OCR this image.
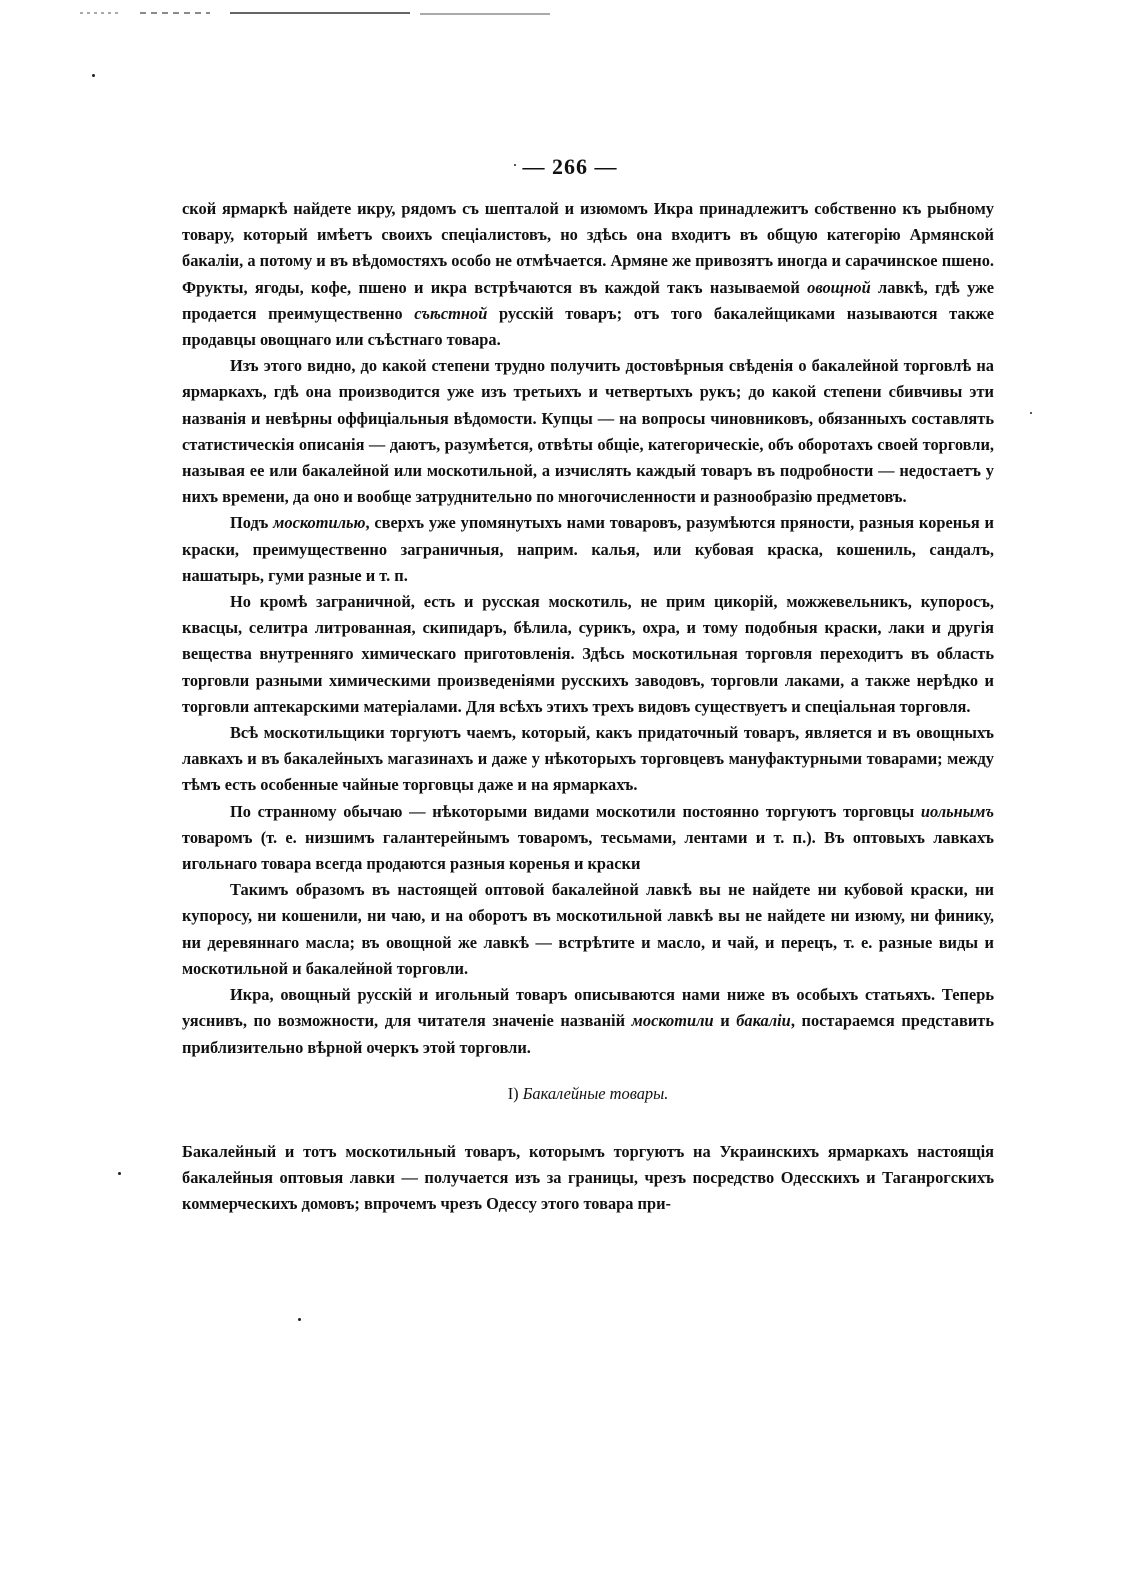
— 266 —

ской ярмаркѣ найдете икру, рядомъ съ шепталой и изюмомъ Икра принадлежитъ собственно къ рыбному товару, который имѣетъ своихъ спеціалистовъ, но здѣсь она входитъ въ общую категорію Армянской бакаліи, а потому и въ вѣдомостяхъ особо не отмѣчается. Армяне же привозятъ иногда и сарачинское пшено. Фрукты, ягоды, кофе, пшено и икра встрѣчаются въ каждой такъ называемой овощной лавкѣ, гдѣ уже продается преимущественно съѣстной русскій товаръ; отъ того бакалейщиками называются также продавцы овощнаго или съѣстнаго товара.

Изъ этого видно, до какой степени трудно получить достовѣрныя свѣденія о бакалейной торговлѣ на ярмаркахъ, гдѣ она производится уже изъ третьихъ и четвертыхъ рукъ; до какой степени сбивчивы эти названія и невѣрны оффиціальныя вѣдомости. Купцы — на вопросы чиновниковъ, обязанныхъ составлять статистическія описанія — даютъ, разумѣется, отвѣты общіе, категорическіе, объ оборотахъ своей торговли, называя ее или бакалейной или москотильной, а изчислять каждый товаръ въ подробности — недостаетъ у нихъ времени, да оно и вообще затруднительно по многочисленности и разнообразію предметовъ.

Подъ москотилью, сверхъ уже упомянутыхъ нами товаровъ, разумѣются пряности, разныя коренья и краски, преимущественно заграничныя, наприм. калья, или кубовая краска, кошениль, сандалъ, нашатырь, гуми разные и т. п.

Но кромѣ заграничной, есть и русская москотиль, не прим цикорій, можжевельникъ, купоросъ, квасцы, селитра литрованная, скипидаръ, бѣлила, сурикъ, охра, и тому подобныя краски, лаки и другія вещества внутренняго химическаго приготовленія. Здѣсь москотильная торговля переходитъ въ область торговли разными химическими произведеніями русскихъ заводовъ, торговли лаками, а также нерѣдко и торговли аптекарскими матеріалами. Для всѣхъ этихъ трехъ видовъ существуетъ и спеціальная торговля.

Всѣ москотильщики торгуютъ чаемъ, который, какъ придаточный товаръ, является и въ овощныхъ лавкахъ и въ бакалейныхъ магазинахъ и даже у нѣкоторыхъ торговцевъ мануфактурными товарами; между тѣмъ есть особенные чайные торговцы даже и на ярмаркахъ.

По странному обычаю — нѣкоторыми видами москотили постоянно торгуютъ торговцы иольнымъ товаромъ (т. е. низшимъ галантерейнымъ товаромъ, тесьмами, лентами и т. п.). Въ оптовыхъ лавкахъ игольнаго товара всегда продаются разныя коренья и краски

Такимъ образомъ въ настоящей оптовой бакалейной лавкѣ вы не найдете ни кубовой краски, ни купоросу, ни кошенили, ни чаю, и на оборотъ въ москотильной лавкѣ вы не найдете ни изюму, ни финику, ни деревяннаго масла; въ овощной же лавкѣ — встрѣтите и масло, и чай, и перецъ, т. е. разные виды и москотильной и бакалейной торговли.

Икра, овощный русскій и игольный товаръ описываются нами ниже въ особыхъ статьяхъ. Теперь уяснивъ, по возможности, для читателя значеніе названій москотили и бакаліи, постараемся представить приблизительно вѣрной очеркъ этой торговли.

I) Бакалейные товары.

Бакалейный и тотъ москотильный товаръ, которымъ торгуютъ на Украинскихъ ярмаркахъ настоящія бакалейныя оптовыя лавки — получается изъ за границы, чрезъ посредство Одесскихъ и Таганрогскихъ коммерческихъ домовъ; впрочемъ чрезъ Одессу этого товара при-
